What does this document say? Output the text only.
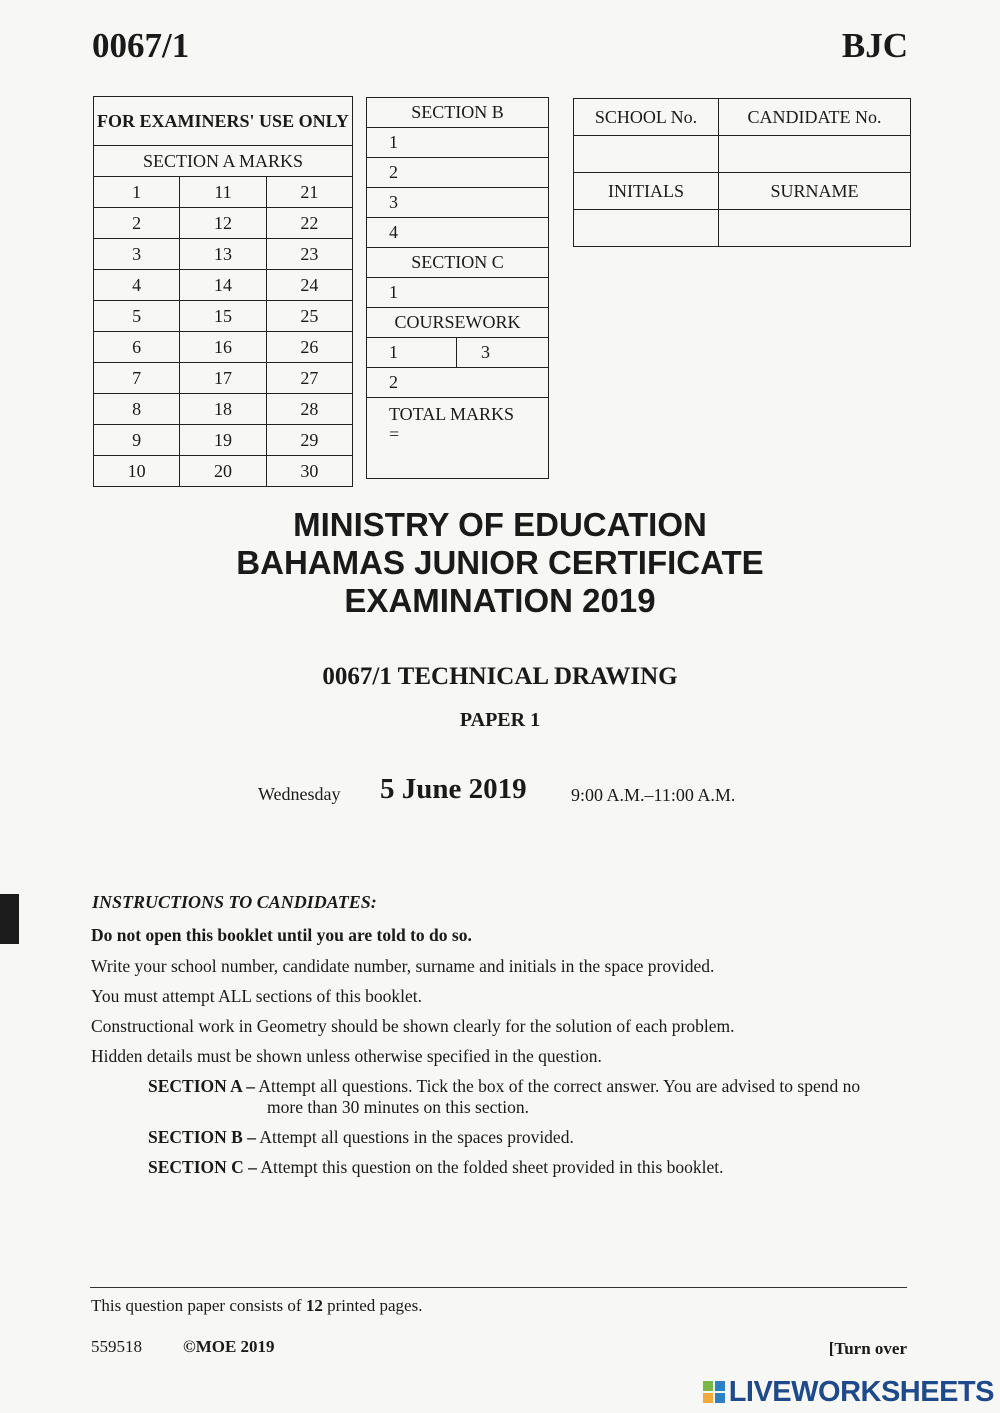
0067/1	BJC
FOR EXAMINERS' USE ONLY		
SECTION A MARKS		
1	11	21
2	12	22
3	13	23
4	14	24
5	15	25
6	16	26
7	17	27
8	18	28
9	19	29
10	20	30
SECTION B
1
2
3
4
SECTION C
1
COURSEWORK
1	3
2
TOTAL MARKS
=
SCHOOL No.	CANDIDATE No.

INITIALS	SURNAME

MINISTRY OF EDUCATION
BAHAMAS JUNIOR CERTIFICATE
EXAMINATION 2019
0067/1 TECHNICAL DRAWING
PAPER 1
Wednesday 5 June 2019 9:00 A.M.–11:00 A.M.
INSTRUCTIONS TO CANDIDATES:
Do not open this booklet until you are told to do so.
Write your school number, candidate number, surname and initials in the space provided.
You must attempt ALL sections of this booklet.
Constructional work in Geometry should be shown clearly for the solution of each problem.
Hidden details must be shown unless otherwise specified in the question.
SECTION A – Attempt all questions. Tick the box of the correct answer. You are advised to spend no
more than 30 minutes on this section.
SECTION B – Attempt all questions in the spaces provided.
SECTION C – Attempt this question on the folded sheet provided in this booklet.
This question paper consists of 12 printed pages.
559518 ©MOE 2019	[Turn over
LIVEWORKSHEETS
